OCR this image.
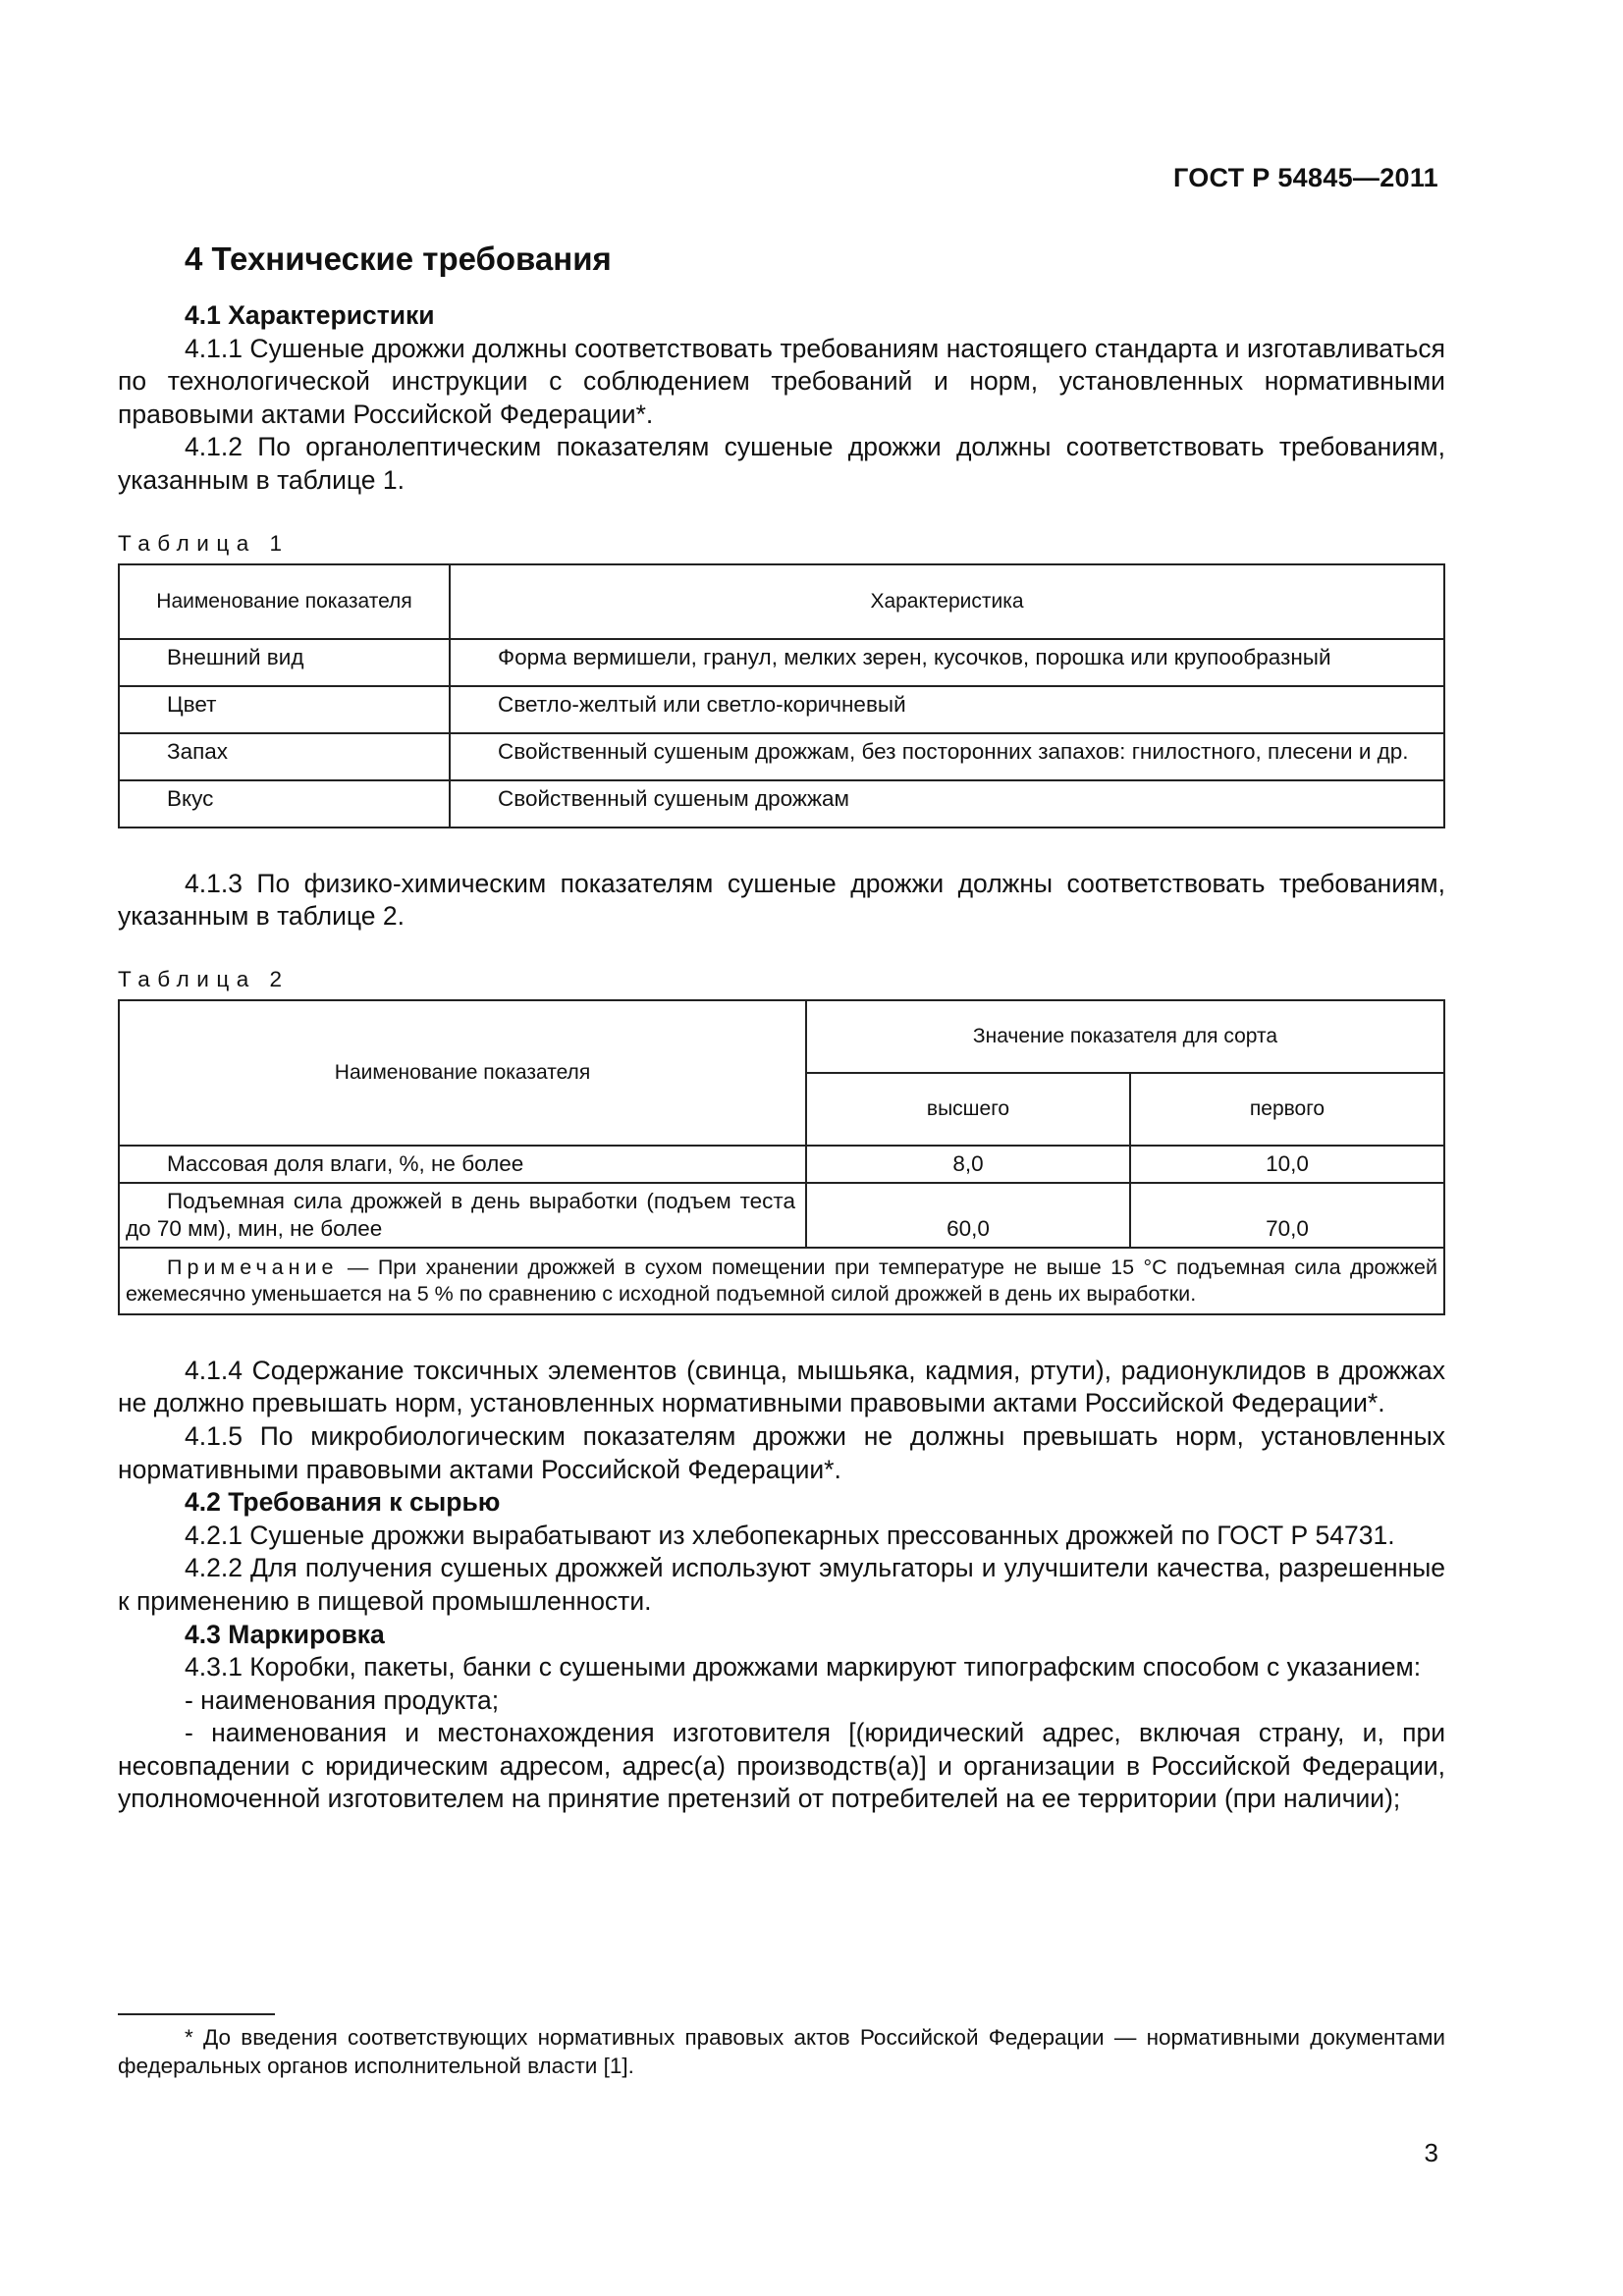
ГОСТ Р 54845—2011
4 Технические требования

4.1 Характеристики

4.1.1 Сушеные дрожжи должны соответствовать требованиям настоящего стандарта и изготавливаться по технологической инструкции с соблюдением требований и норм, установленных нормативными правовыми актами Российской Федерации*.

4.1.2 По органолептическим показателям сушеные дрожжи должны соответствовать требованиям, указанным в таблице 1.

Таблица 1
Наименование показателя	Характеристика
Внешний вид	Форма вермишели, гранул, мелких зерен, кусочков, порошка или крупообразный
Цвет	Светло-желтый или светло-коричневый
Запах	Свойственный сушеным дрожжам, без посторонних запахов: гнилостного, плесени и др.
Вкус	Свойственный сушеным дрожжам

4.1.3 По физико-химическим показателям сушеные дрожжи должны соответствовать требованиям, указанным в таблице 2.

Таблица 2
Наименование показателя	Значение показателя для сорта	
	высшего	первого
Массовая доля влаги, %, не более	8,0	10,0
Подъемная сила дрожжей в день выработки (подъем теста до 70 мм), мин, не более	60,0	70,0
Примечание — При хранении дрожжей в сухом помещении при температуре не выше 15 °С подъемная сила дрожжей ежемесячно уменьшается на 5 % по сравнению с исходной подъемной силой дрожжей в день их выработки.		

4.1.4 Содержание токсичных элементов (свинца, мышьяка, кадмия, ртути), радионуклидов в дрожжах не должно превышать норм, установленных нормативными правовыми актами Российской Федерации*.

4.1.5 По микробиологическим показателям дрожжи не должны превышать норм, установленных нормативными правовыми актами Российской Федерации*.

4.2 Требования к сырью

4.2.1 Сушеные дрожжи вырабатывают из хлебопекарных прессованных дрожжей по ГОСТ Р 54731.

4.2.2 Для получения сушеных дрожжей используют эмульгаторы и улучшители качества, разрешенные к применению в пищевой промышленности.

4.3 Маркировка

4.3.1 Коробки, пакеты, банки с сушеными дрожжами маркируют типографским способом с указанием:

- наименования продукта;

- наименования и местонахождения изготовителя [(юридический адрес, включая страну, и, при несовпадении с юридическим адресом, адрес(а) производств(а)] и организации в Российской Федерации, уполномоченной изготовителем на принятие претензий от потребителей на ее территории (при наличии);

* До введения соответствующих нормативных правовых актов Российской Федерации — нормативными документами федеральных органов исполнительной власти [1].
3
